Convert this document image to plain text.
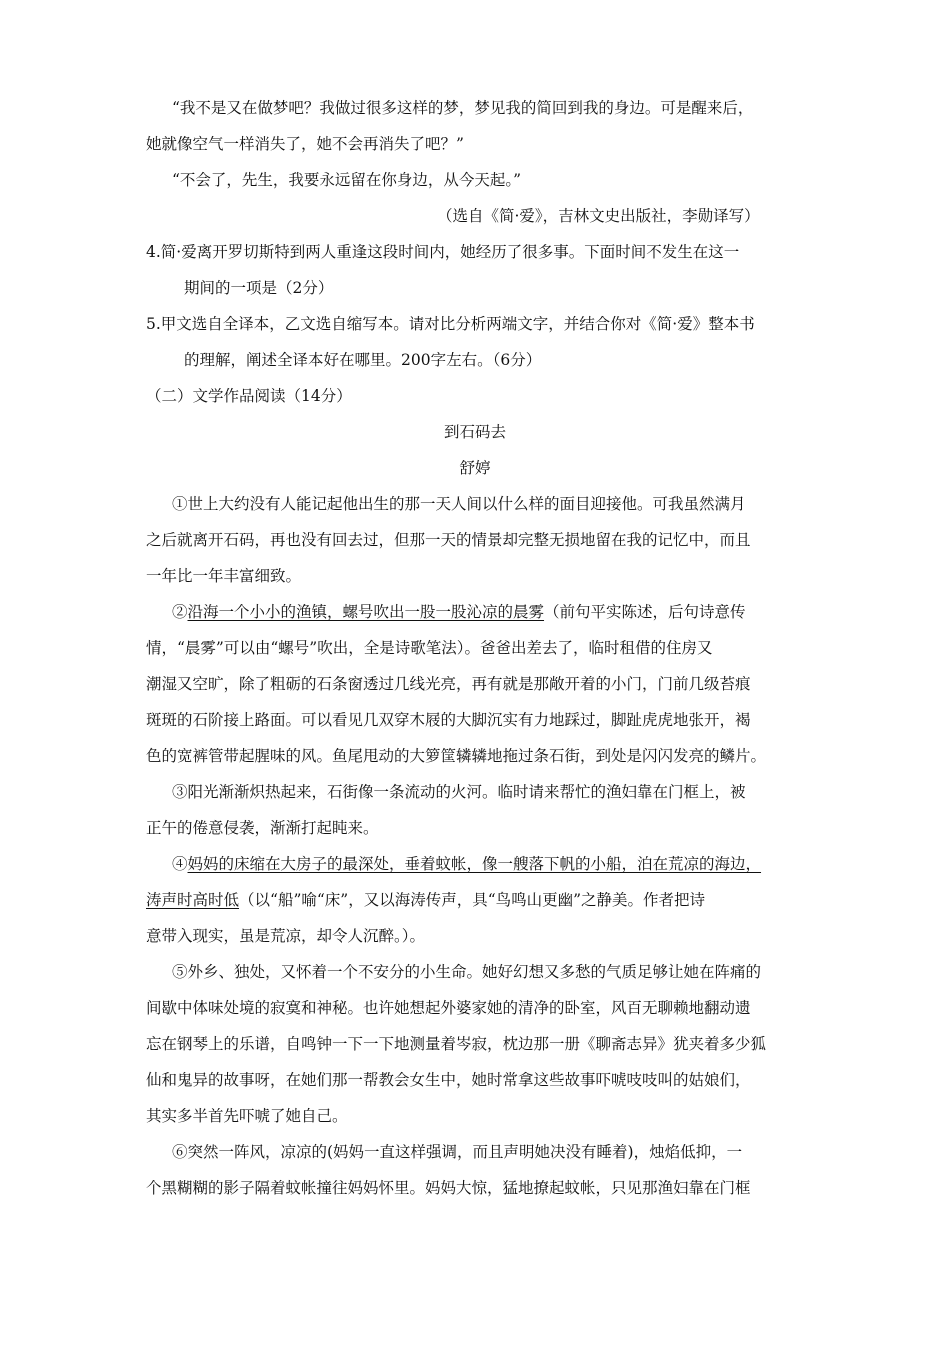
“我不是又在做梦吧？我做过很多这样的梦，梦见我的简回到我的身边。可是醒来后，
她就像空气一样消失了，她不会再消失了吧？”
“不会了，先生，我要永远留在你身边，从今天起。”
（选自《简·爱》，吉林文史出版社，李勋译写）
4.简·爱离开罗切斯特到两人重逢这段时间内，她经历了很多事。下面时间不发生在这一
期间的一项是（2分）
5.甲文选自全译本，乙文选自缩写本。请对比分析两端文字，并结合你对《简·爱》整本书
的理解，阐述全译本好在哪里。200字左右。（6分）
（二）文学作品阅读（14分）
到石码去
舒婷
①世上大约没有人能记起他出生的那一天人间以什么样的面目迎接他。可我虽然满月
之后就离开石码，再也没有回去过，但那一天的情景却完整无损地留在我的记忆中，而且
一年比一年丰富细致。
②沿海一个小小的渔镇，螺号吹出一股一股沁凉的晨雾（前句平实陈述，后句诗意传
情，“晨雾”可以由“螺号”吹出，全是诗歌笔法）。爸爸出差去了，临时租借的住房又
潮湿又空旷，除了粗砺的石条窗透过几线光亮，再有就是那敞开着的小门，门前几级苔痕
斑斑的石阶接上路面。可以看见几双穿木屐的大脚沉实有力地踩过，脚趾虎虎地张开，褐
色的宽裤管带起腥味的风。鱼尾甩动的大箩筐辚辚地拖过条石街，到处是闪闪发亮的鳞片。
③阳光渐渐炽热起来，石街像一条流动的火河。临时请来帮忙的渔妇靠在门框上，被
正午的倦意侵袭，渐渐打起盹来。
④妈妈的床缩在大房子的最深处，垂着蚊帐，像一艘落下帆的小船，泊在荒凉的海边，
涛声时高时低（以“船”喻“床”，又以海涛传声，具“鸟鸣山更幽”之静美。作者把诗
意带入现实，虽是荒凉，却令人沉醉。）。
⑤外乡、独处，又怀着一个不安分的小生命。她好幻想又多愁的气质足够让她在阵痛的
间歇中体味处境的寂寞和神秘。也许她想起外婆家她的清净的卧室，风百无聊赖地翻动遗
忘在钢琴上的乐谱，自鸣钟一下一下地测量着岑寂，枕边那一册《聊斋志异》犹夹着多少狐
仙和鬼异的故事呀，在她们那一帮教会女生中，她时常拿这些故事吓唬吱吱叫的姑娘们，
其实多半首先吓唬了她自己。
⑥突然一阵风，凉凉的(妈妈一直这样强调，而且声明她决没有睡着)，烛焰低抑，一
个黑糊糊的影子隔着蚊帐撞往妈妈怀里。妈妈大惊，猛地撩起蚊帐，只见那渔妇靠在门框
